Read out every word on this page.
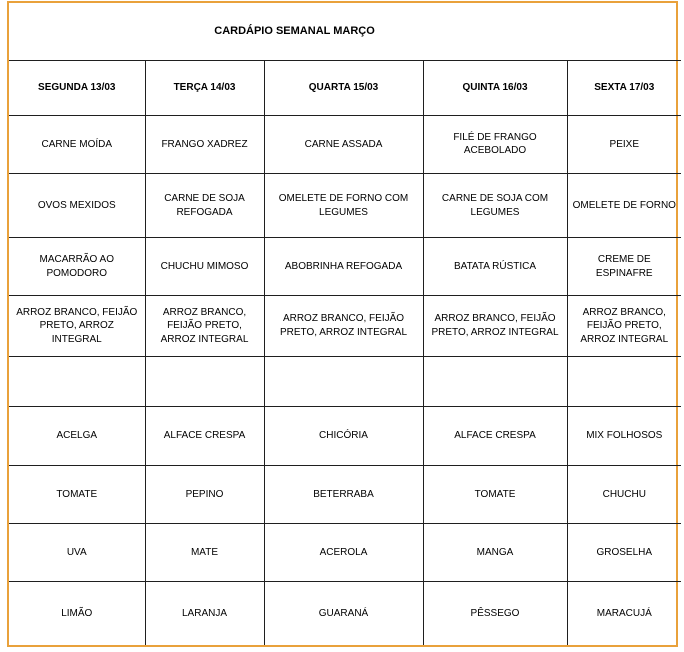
CARDÁPIO SEMANAL MARÇO				
SEGUNDA 13/03	TERÇA 14/03	QUARTA 15/03	QUINTA 16/03	SEXTA 17/03
CARNE MOÍDA	FRANGO XADREZ	CARNE ASSADA	FILÉ DE FRANGO ACEBOLADO	PEIXE
OVOS MEXIDOS	CARNE DE SOJA REFOGADA	OMELETE DE FORNO COM LEGUMES	CARNE DE SOJA COM LEGUMES	OMELETE DE FORNO
MACARRÃO AO POMODORO	CHUCHU MIMOSO	ABOBRINHA REFOGADA	BATATA RÚSTICA	CREME DE ESPINAFRE
ARROZ BRANCO, FEIJÃO PRETO, ARROZ INTEGRAL	ARROZ BRANCO, FEIJÃO PRETO, ARROZ INTEGRAL	ARROZ BRANCO, FEIJÃO PRETO, ARROZ INTEGRAL	ARROZ BRANCO, FEIJÃO PRETO, ARROZ INTEGRAL	ARROZ BRANCO, FEIJÃO PRETO, ARROZ INTEGRAL

ACELGA	ALFACE CRESPA	CHICÓRIA	ALFACE CRESPA	MIX FOLHOSOS
TOMATE	PEPINO	BETERRABA	TOMATE	CHUCHU
UVA	MATE	ACEROLA	MANGA	GROSELHA
LIMÃO	LARANJA	GUARANÁ	PÊSSEGO	MARACUJÁ
